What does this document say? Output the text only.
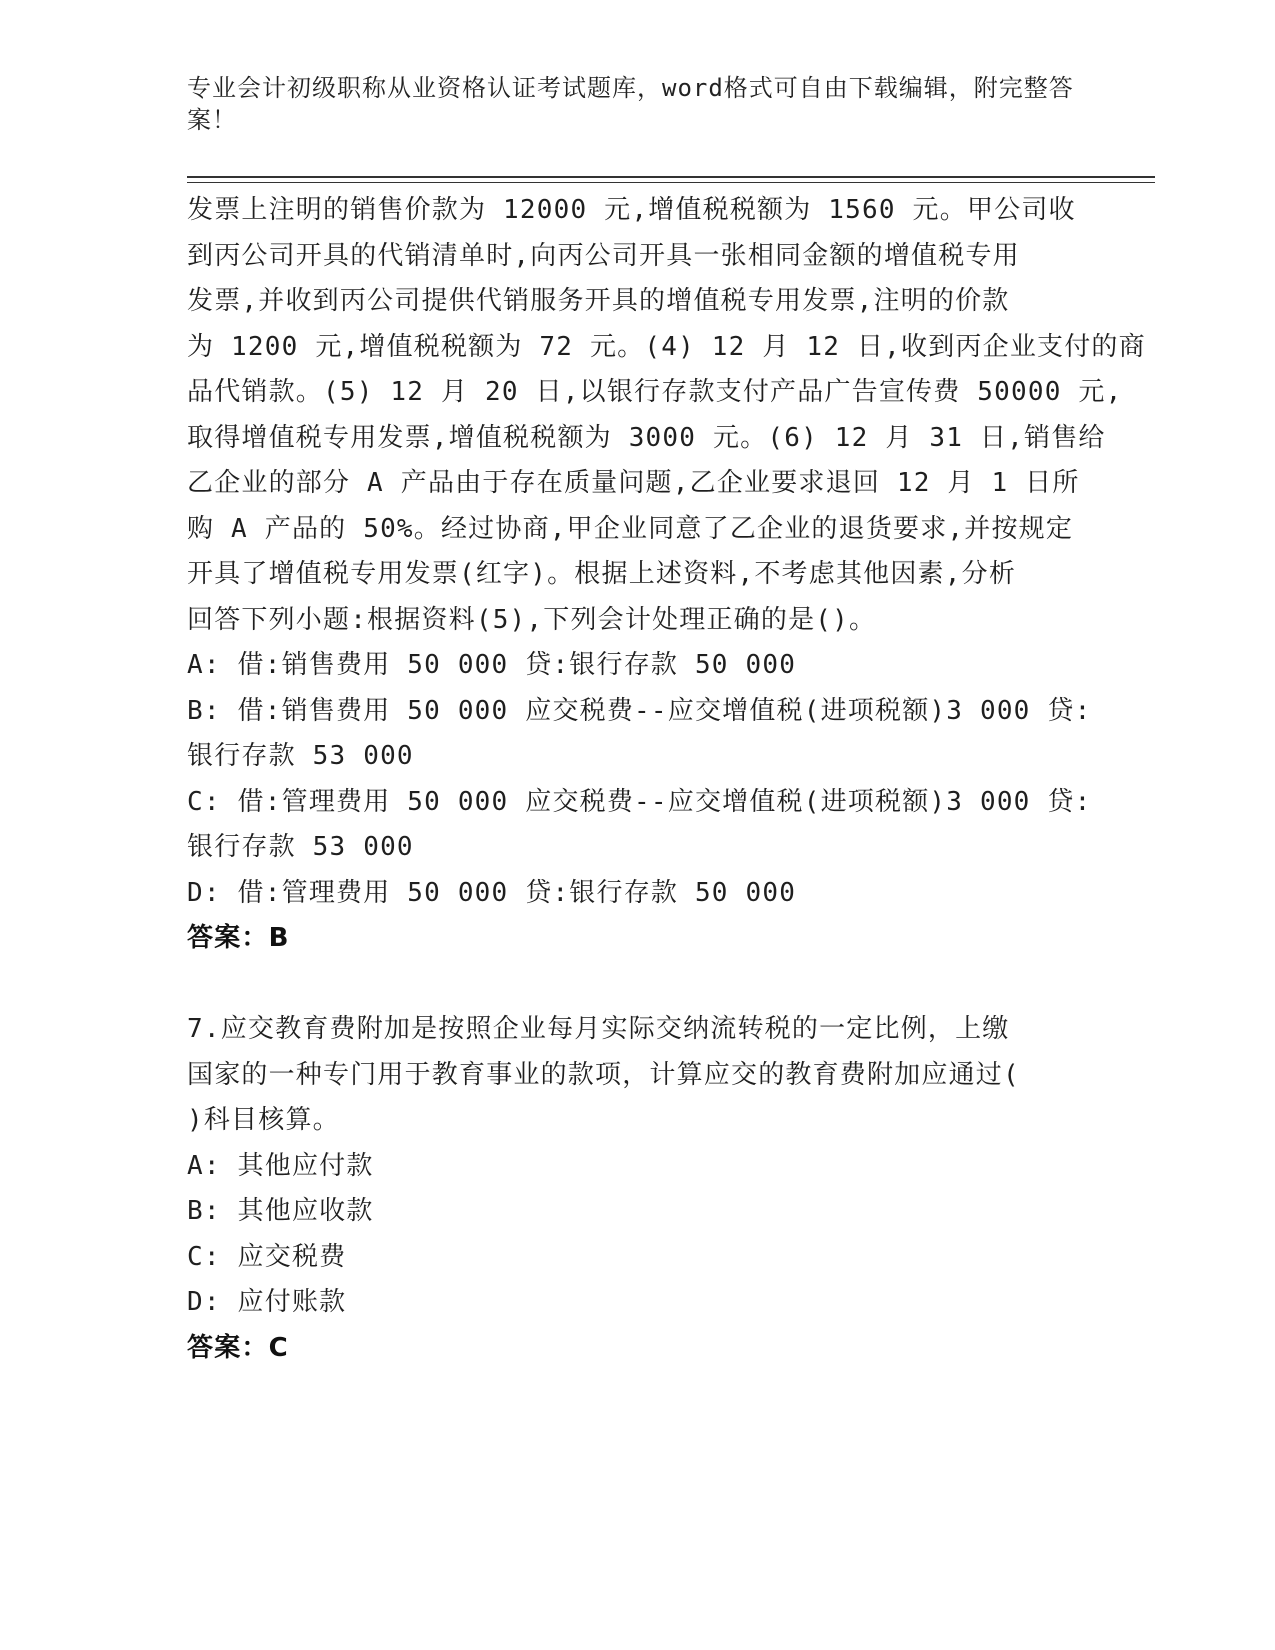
专业会计初级职称从业资格认证考试题库，word格式可自由下载编辑，附完整答
案！
发票上注明的销售价款为 12000 元,增值税税额为 1560 元。甲公司收
到丙公司开具的代销清单时,向丙公司开具一张相同金额的增值税专用
发票,并收到丙公司提供代销服务开具的增值税专用发票,注明的价款
为 1200 元,增值税税额为 72 元。(4) 12 月 12 日,收到丙企业支付的商
品代销款。(5) 12 月 20 日,以银行存款支付产品广告宣传费 50000 元,
取得增值税专用发票,增值税税额为 3000 元。(6) 12 月 31 日,销售给
乙企业的部分 A 产品由于存在质量问题,乙企业要求退回 12 月 1 日所
购 A 产品的 50%。经过协商,甲企业同意了乙企业的退货要求,并按规定
开具了增值税专用发票(红字)。根据上述资料,不考虑其他因素,分析
回答下列小题:根据资料(5),下列会计处理正确的是()。
A: 借:销售费用 50 000 贷:银行存款 50 000
B: 借:销售费用 50 000 应交税费--应交增值税(进项税额)3 000 贷:
银行存款 53 000
C: 借:管理费用 50 000 应交税费--应交增值税(进项税额)3 000 贷:
银行存款 53 000
D: 借:管理费用 50 000 贷:银行存款 50 000
答案：B
7.应交教育费附加是按照企业每月实际交纳流转税的一定比例，上缴
国家的一种专门用于教育事业的款项，计算应交的教育费附加应通过(
)科目核算。
A: 其他应付款
B: 其他应收款
C: 应交税费
D: 应付账款
答案：C
